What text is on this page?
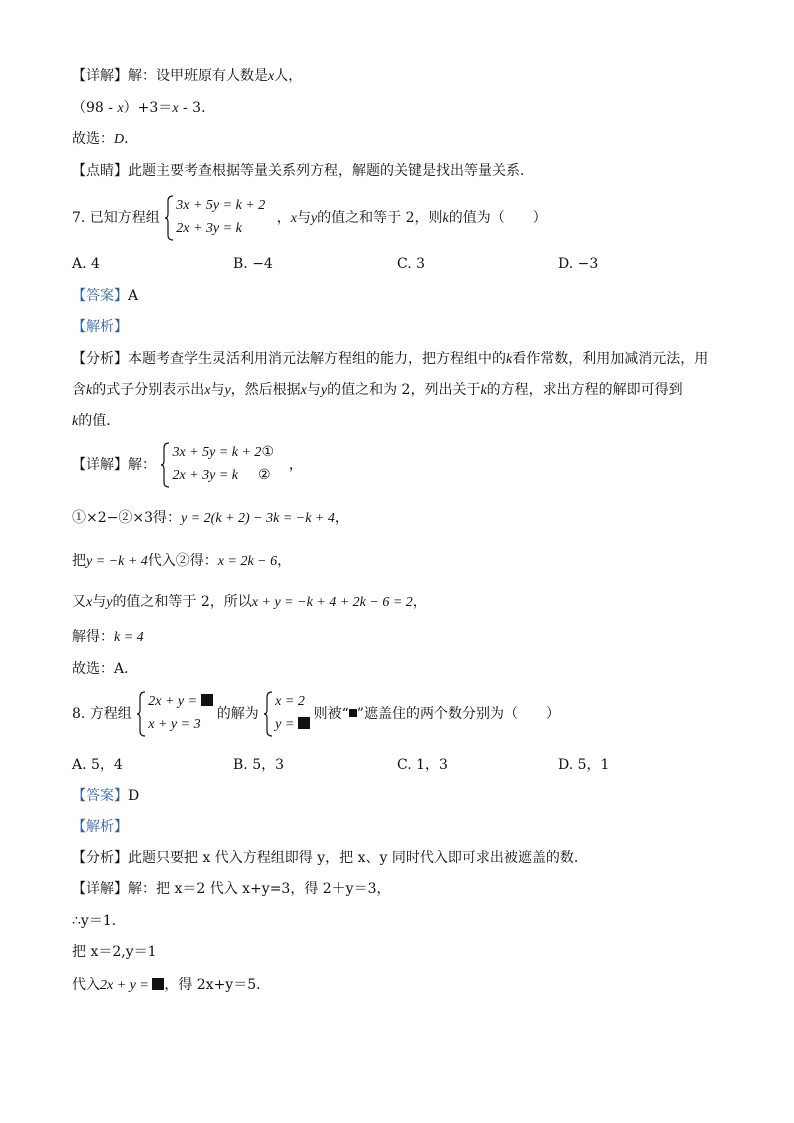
【详解】解：设甲班原有人数是x人，
（98 - x）+3＝x - 3．
故选：D．
【点睛】此题主要考查根据等量关系列方程，解题的关键是找出等量关系．
7. 已知方程组
3x + 5y = k + 2
2x + 3y = k
，x与y的值之和等于 2，则k的值为（　　）
A. 4	B. −4	C. 3	D. −3
【答案】A
【解析】
【分析】本题考查学生灵活利用消元法解方程组的能力，把方程组中的k看作常数，利用加减消元法，用
含k的式子分别表示出x与y，然后根据x与y的值之和为 2，列出关于k的方程，求出方程的解即可得到
k的值．
【详解】解：
3x + 5y = k + 2①
2x + 3y = k ②
，
①×2−②×3得：y = 2(k + 2) − 3k = −k + 4，
把y = −k + 4代入②得：x = 2k − 6，
又x与y的值之和等于 2，所以x + y = −k + 4 + 2k − 6 = 2，
解得：k = 4
故选：A．
8. 方程组
2x + y =
x + y = 3
的解为
x = 2
y =
则被“ ”遮盖住的两个数分别为（　　）
A. 5，4	B. 5，3	C. 1，3	D. 5，1
【答案】D
【解析】
【分析】此题只要把 x 代入方程组即得 y，把 x、y 同时代入即可求出被遮盖的数．
【详解】解：把 x＝2 代入 x+y=3，得 2＋y＝3，
∴y＝1．
把 x＝2,y＝1
代入2x + y = ，得 2x+y＝5．
